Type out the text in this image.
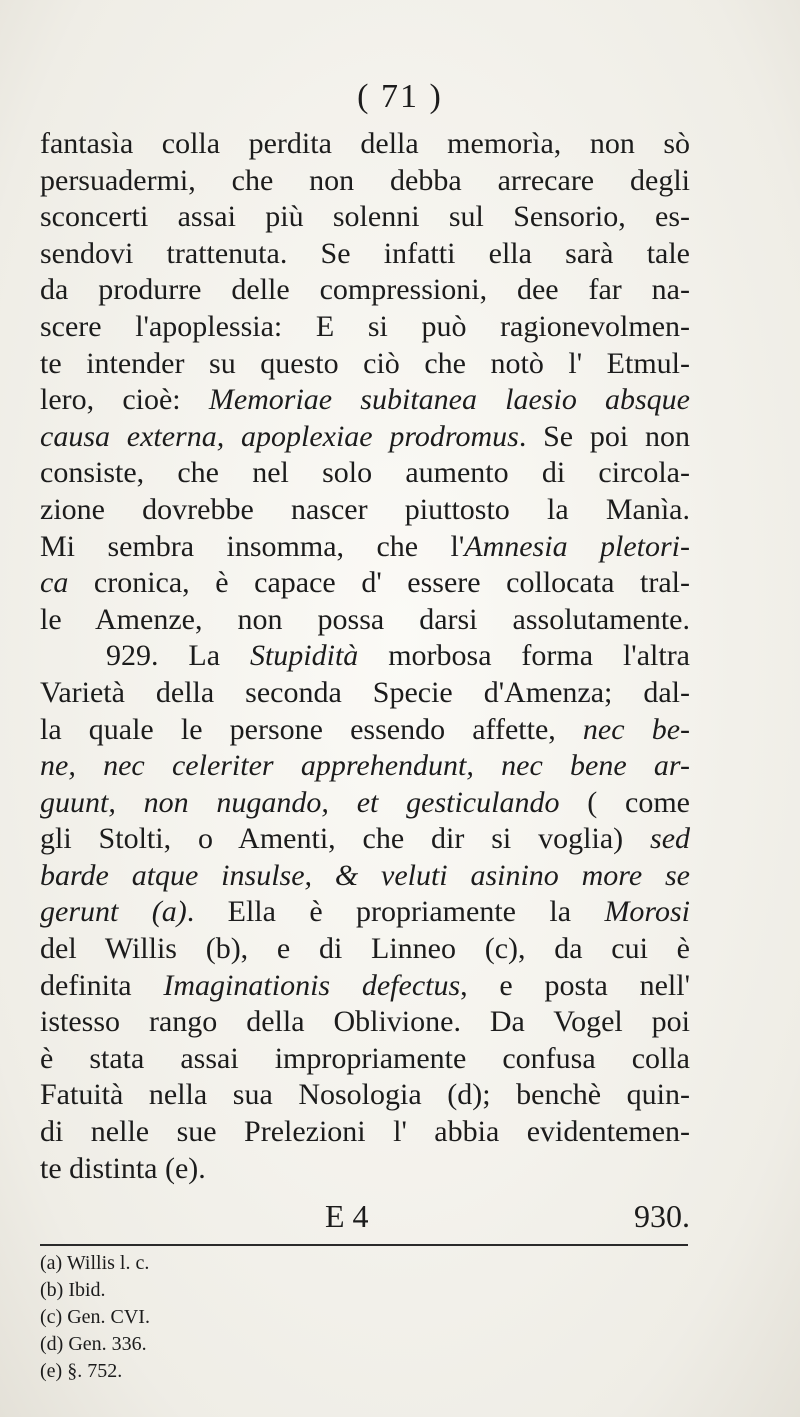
( 71 )
fantasìa colla perdita della memorìa, non sò
persuadermi, che non debba arrecare degli
sconcerti assai più solenni sul Sensorio, es-
sendovi trattenuta. Se infatti ella sarà tale
da produrre delle compressioni, dee far na-
scere l'apoplessia: E si può ragionevolmen-
te intender su questo ciò che notò l' Etmul-
lero, cioè: Memoriae subitanea laesio absque
causa externa, apoplexiae prodromus. Se poi non
consiste, che nel solo aumento di circola-
zione dovrebbe nascer piuttosto la Manìa.
Mi sembra insomma, che l'Amnesia pletori-
ca cronica, è capace d' essere collocata tral-
le Amenze, non possa darsi assolutamente.
929. La Stupidità morbosa forma l'altra
Varietà della seconda Specie d'Amenza; dal-
la quale le persone essendo affette, nec be-
ne, nec celeriter apprehendunt, nec bene ar-
guunt, non nugando, et gesticulando ( come
gli Stolti, o Amenti, che dir si voglia) sed
barde atque insulse, & veluti asinino more se
gerunt (a). Ella è propriamente la Morosi
del Willis (b), e di Linneo (c), da cui è
definita Imaginationis defectus, e posta nell'
istesso rango della Oblivione. Da Vogel poi
è stata assai impropriamente confusa colla
Fatuità nella sua Nosologia (d); benchè quin-
di nelle sue Prelezioni l' abbia evidentemen-
te distinta (e).
E 4	930.
(a) Willis l. c.
(b) Ibid.
(c) Gen. CVI.
(d) Gen. 336.
(e) §. 752.
